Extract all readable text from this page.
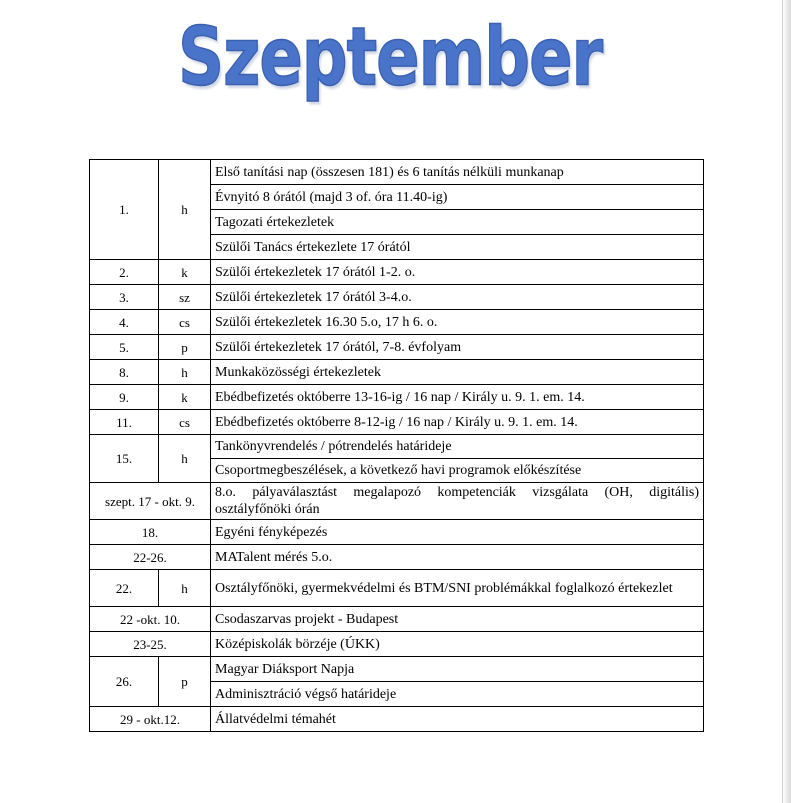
Szeptember
1.	h	Első tanítási nap (összesen 181) és 6 tanítás nélküli munkanap
		Évnyitó 8 órától (majd 3 of. óra 11.40-ig)
		Tagozati értekezletek
		Szülői Tanács értekezlete 17 órától
2.	k	Szülői értekezletek 17 órától 1-2. o.
3.	sz	Szülői értekezletek 17 órától 3-4.o.
4.	cs	Szülői értekezletek 16.30 5.o, 17 h 6. o.
5.	p	Szülői értekezletek 17 órától, 7-8. évfolyam
8.	h	Munkaközösségi értekezletek
9.	k	Ebédbefizetés októberre 13-16-ig / 16 nap / Király u. 9. 1. em. 14.
11.	cs	Ebédbefizetés októberre 8-12-ig / 16 nap / Király u. 9. 1. em. 14.
15.	h	Tankönyvrendelés / pótrendelés határideje
		Csoportmegbeszélések, a következő havi programok előkészítése
szept. 17 - okt. 9.		8.o. pályaválasztást megalapozó kompetenciák vizsgálata (OH, digitális) osztályfőnöki órán
18.		Egyéni fényképezés
22-26.		MATalent mérés 5.o.
22.	h	Osztályfőnöki, gyermekvédelmi és BTM/SNI problémákkal foglalkozó értekezlet
22 -okt. 10.		Csodaszarvas projekt - Budapest
23-25.		Középiskolák börzéje (ÚKK)
26.	p	Magyar Diáksport Napja
		Adminisztráció végső határideje
29 - okt.12.		Állatvédelmi témahét
